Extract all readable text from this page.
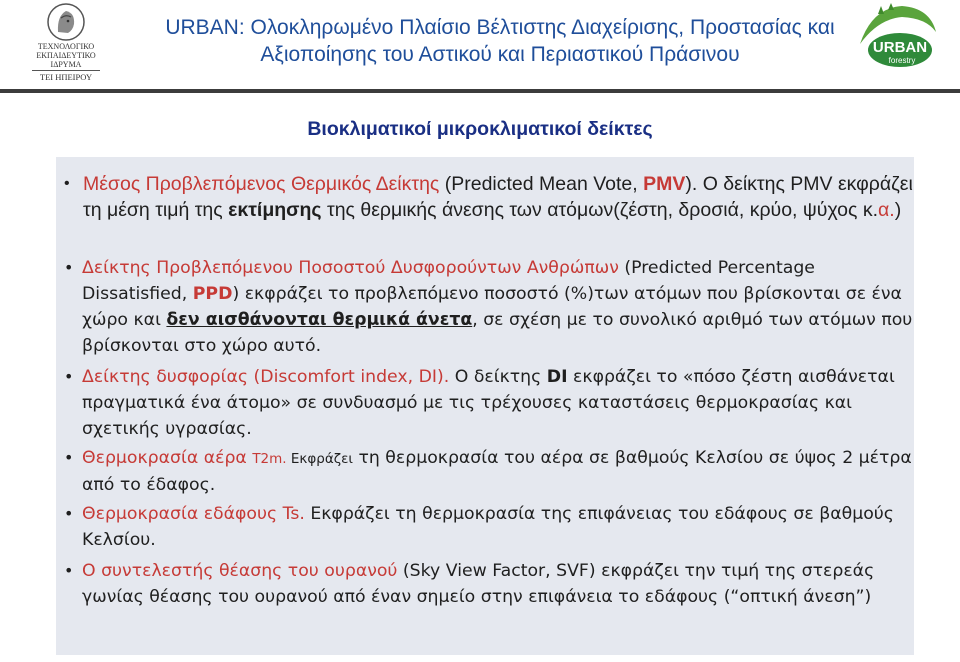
ΤΕΧΝΟΛΟΓΙΚΟ
ΕΚΠΑΙΔΕΥΤΙΚΟ
ΙΔΡΥΜΑ
ΤΕΙ ΗΠΕΙΡΟΥ
URBAN: Ολοκληρωμένο Πλαίσιο Βέλτιστης Διαχείρισης, Προστασίας και
Αξιοποίησης του Αστικού και Περιαστικού Πράσινου	URBAN
forestry
Βιοκλιματικοί μικροκλιματικοί δείκτες
• Μέσος Προβλεπόμενος Θερμικός Δείκτης (Predicted Mean Vote, PMV). Ο δείκτης PMV εκφράζει τη μέση τιμή της εκτίμησης της θερμικής άνεσης των ατόμων(ζέστη, δροσιά, κρύο, ψύχος κ.α.)
• Δείκτης Προβλεπόμενου Ποσοστού Δυσφορούντων Ανθρώπων (Predicted Percentage Dissatisfied, PPD) εκφράζει το προβλεπόμενο ποσοστό (%)των ατόμων που βρίσκονται σε ένα χώρο και δεν αισθάνονται θερμικά άνετα, σε σχέση με το συνολικό αριθμό των ατόμων που βρίσκονται στο χώρο αυτό.
• Δείκτης δυσφορίας (Discomfort index, DI). Ο δείκτης DI εκφράζει το «πόσο ζέστη αισθάνεται πραγματικά ένα άτομο» σε συνδυασμό με τις τρέχουσες καταστάσεις θερμοκρασίας και σχετικής υγρασίας.
• Θερμοκρασία αέρα T2m. Εκφράζει τη θερμοκρασία του αέρα σε βαθμούς Κελσίου σε ύψος 2 μέτρα από το έδαφος.
• Θερμοκρασία εδάφους Ts. Εκφράζει τη θερμοκρασία της επιφάνειας του εδάφους σε βαθμούς Κελσίου.
• Ο συντελεστής θέασης του ουρανού (Sky View Factor, SVF) εκφράζει την τιμή της στερεάς γωνίας θέασης του ουρανού από έναν σημείο στην επιφάνεια το εδάφους (“οπτική άνεση”)
